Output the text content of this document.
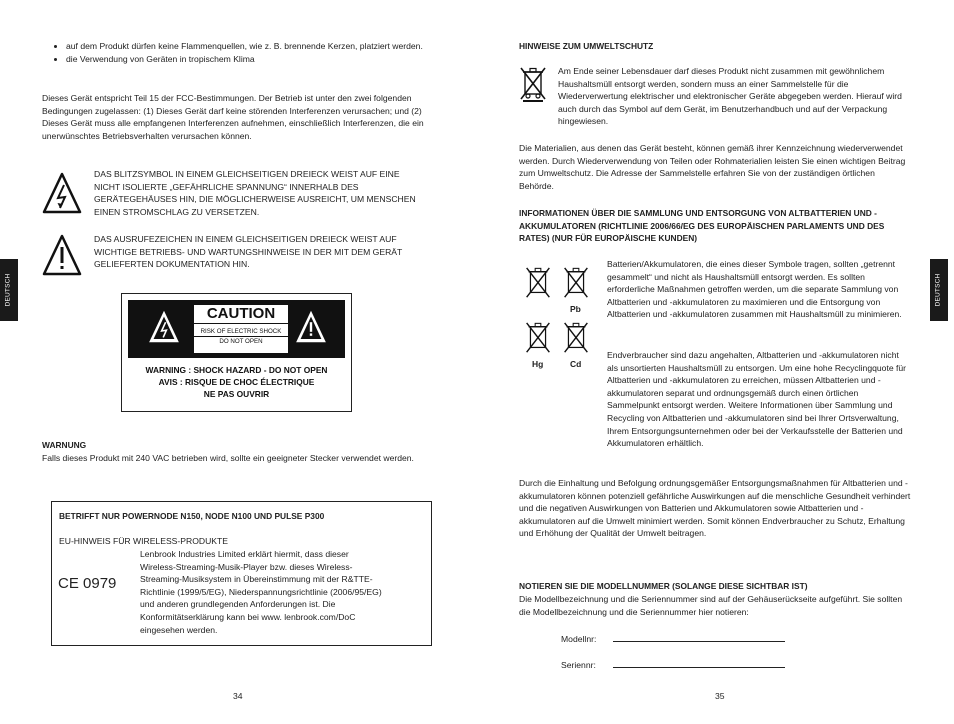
DEUTSCH	DEUTSCH
• auf dem Produkt dürfen keine Flammenquellen, wie z. B. brennende Kerzen, platziert werden.
• die Verwendung von Geräten in tropischem Klima

Dieses Gerät entspricht Teil 15 der FCC-Bestimmungen. Der Betrieb ist unter den zwei folgenden Bedingungen zugelassen: (1) Dieses Gerät darf keine störenden Interferenzen verursachen; und (2) Dieses Gerät muss alle empfangenen Interferenzen aufnehmen, einschließlich Interferenzen, die ein unerwünschtes Betriebsverhalten verursachen können.

DAS BLITZSYMBOL IN EINEM GLEICHSEITIGEN DREIECK WEIST AUF EINE NICHT ISOLIERTE „GEFÄHRLICHE SPANNUNG“ INNERHALB DES GERÄTEGEHÄUSES HIN, DIE MÖGLICHERWEISE AUSREICHT, UM MENSCHEN EINEN STROMSCHLAG ZU VERSETZEN.

DAS AUSRUFEZEICHEN IN EINEM GLEICHSEITIGEN DREIECK WEIST AUF WICHTIGE BETRIEBS- UND WARTUNGSHINWEISE IN DER MIT DEM GERÄT GELIEFERTEN DOKUMENTATION HIN.

CAUTION
RISK OF ELECTRIC SHOCK
DO NOT OPEN
WARNING : SHOCK HAZARD - DO NOT OPEN
AVIS : RISQUE DE CHOC ÉLECTRIQUE
NE PAS OUVRIR
WARNUNG

Falls dieses Produkt mit 240 VAC betrieben wird, sollte ein geeigneter Stecker verwendet werden.

BETRIFFT NUR POWERNODE N150, NODE N100 UND PULSE P300
EU-HINWEIS FÜR WIRELESS-PRODUKTE
CE 0979

Lenbrook Industries Limited erklärt hiermit, dass dieser Wireless-Streaming-Musik-Player bzw. dieses Wireless-Streaming-Musiksystem in Übereinstimmung mit der R&TTE-Richtlinie (1999/5/EG), Niederspannungsrichtlinie (2006/95/EG) und anderen grundlegenden Anforderungen ist. Die Konformitätserklärung kann bei www. lenbrook.com/DoC eingesehen werden.

34
HINWEISE ZUM UMWELTSCHUTZ

Am Ende seiner Lebensdauer darf dieses Produkt nicht zusammen mit gewöhnlichem Haushaltsmüll entsorgt werden, sondern muss an einer Sammelstelle für die Wiederverwertung elektrischer und elektronischer Geräte abgegeben werden. Hierauf wird auch durch das Symbol auf dem Gerät, im Benutzerhandbuch und auf der Verpackung hingewiesen.

Die Materialien, aus denen das Gerät besteht, können gemäß ihrer Kennzeichnung wiederverwendet werden. Durch Wiederverwendung von Teilen oder Rohmaterialien leisten Sie einen wichtigen Beitrag zum Umweltschutz. Die Adresse der Sammelstelle erfahren Sie von der zuständigen örtlichen Behörde.

INFORMATIONEN ÜBER DIE SAMMLUNG UND ENTSORGUNG VON ALTBATTERIEN UND -AKKUMULATOREN (RICHTLINIE 2006/66/EG DES EUROPÄISCHEN PARLAMENTS UND DES RATES) (NUR FÜR EUROPÄISCHE KUNDEN)

Pb
Hg	Cd

Batterien/Akkumulatoren, die eines dieser Symbole tragen, sollten „getrennt gesammelt“ und nicht als Haushaltsmüll entsorgt werden. Es sollten erforderliche Maßnahmen getroffen werden, um die separate Sammlung von Altbatterien und -akkumulatoren zu maximieren und die Entsorgung von Altbatterien und -akkumulatoren zusammen mit Haushaltsmüll zu minimieren.

Endverbraucher sind dazu angehalten, Altbatterien und -akkumulatoren nicht als unsortierten Haushaltsmüll zu entsorgen. Um eine hohe Recyclingquote für Altbatterien und -akkumulatoren zu erreichen, müssen Altbatterien und -akkumulatoren separat und ordnungsgemäß durch einen örtlichen Sammelpunkt entsorgt werden. Weitere Informationen über Sammlung und Recycling von Altbatterien und -akkumulatoren sind bei Ihrer Ortsverwaltung, Ihrem Entsorgungsunternehmen oder bei der Verkaufsstelle der Batterien und Akkumulatoren erhältlich.

Durch die Einhaltung und Befolgung ordnungsgemäßer Entsorgungsmaßnahmen für Altbatterien und -akkumulatoren können potenziell gefährliche Auswirkungen auf die menschliche Gesundheit verhindert und die negativen Auswirkungen von Batterien und Akkumulatoren sowie Altbatterien und -akkumulatoren auf die Umwelt minimiert werden. Somit können Endverbraucher zu Schutz, Erhaltung und Erhöhung der Qualität der Umwelt beitragen.

NOTIEREN SIE DIE MODELLNUMMER (SOLANGE DIESE SICHTBAR IST)

Die Modellbezeichnung und die Seriennummer sind auf der Gehäuserückseite aufgeführt. Sie sollten die Modellbezeichnung und die Seriennummer hier notieren:

Modellnr:
Seriennr:
35
